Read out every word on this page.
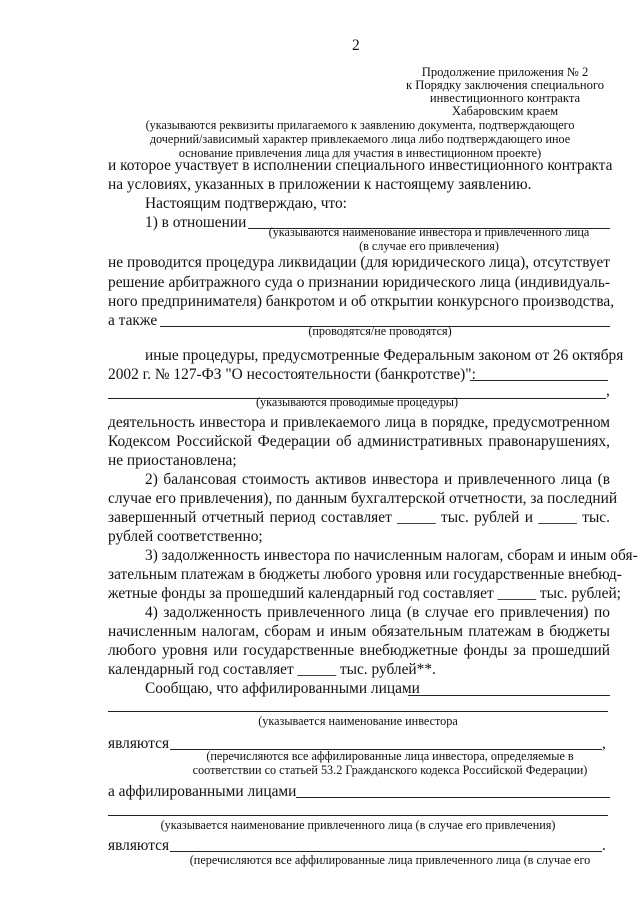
2
Продолжение приложения № 2
к Порядку заключения специального
инвестиционного контракта
Хабаровским краем
(указываются реквизиты прилагаемого к заявлению документа, подтверждающего
дочерний/зависимый характер привлекаемого лица либо подтверждающего иное
основание привлечения лица для участия в инвестиционном проекте)
и которое участвует в исполнении специального инвестиционного контракта
на условиях, указанных в приложении к настоящему заявлению.
Настоящим подтверждаю, что:
1) в отношении
(указываются наименование инвестора и привлеченного лица
(в случае его привлечения)
не проводится процедура ликвидации (для юридического лица), отсутствует
решение арбитражного суда о признании юридического лица (индивидуаль-
ного предпринимателя) банкротом и об открытии конкурсного производства,
а также
(проводятся/не проводятся)
иные процедуры, предусмотренные Федеральным законом от 26 октября
2002 г. № 127-ФЗ "О несостоятельности (банкротстве)":
,
(указываются проводимые процедуры)
деятельность инвестора и привлекаемого лица в порядке, предусмотренном
Кодексом Российской Федерации об административных правонарушениях,
не приостановлена;
2) балансовая стоимость активов инвестора и привлеченного лица (в
случае его привлечения), по данным бухгалтерской отчетности, за последний
завершенный отчетный период составляет _____ тыс. рублей и _____ тыс.
рублей соответственно;
3) задолженность инвестора по начисленным налогам, сборам и иным обя-
зательным платежам в бюджеты любого уровня или государственные внебюд-
жетные фонды за прошедший календарный год составляет _____ тыс. рублей;
4) задолженность привлеченного лица (в случае его привлечения) по
начисленным налогам, сборам и иным обязательным платежам в бюджеты
любого уровня или государственные внебюджетные фонды за прошедший
календарный год составляет _____ тыс. рублей**.
Сообщаю, что аффилированными лицами
(указывается наименование инвестора
являются	,
(перечисляются все аффилированные лица инвестора, определяемые в
соответствии со статьей 53.2 Гражданского кодекса Российской Федерации)
а аффилированными лицами
(указывается наименование привлеченного лица (в случае его привлечения)
являются	.
(перечисляются все аффилированные лица привлеченного лица (в случае его
